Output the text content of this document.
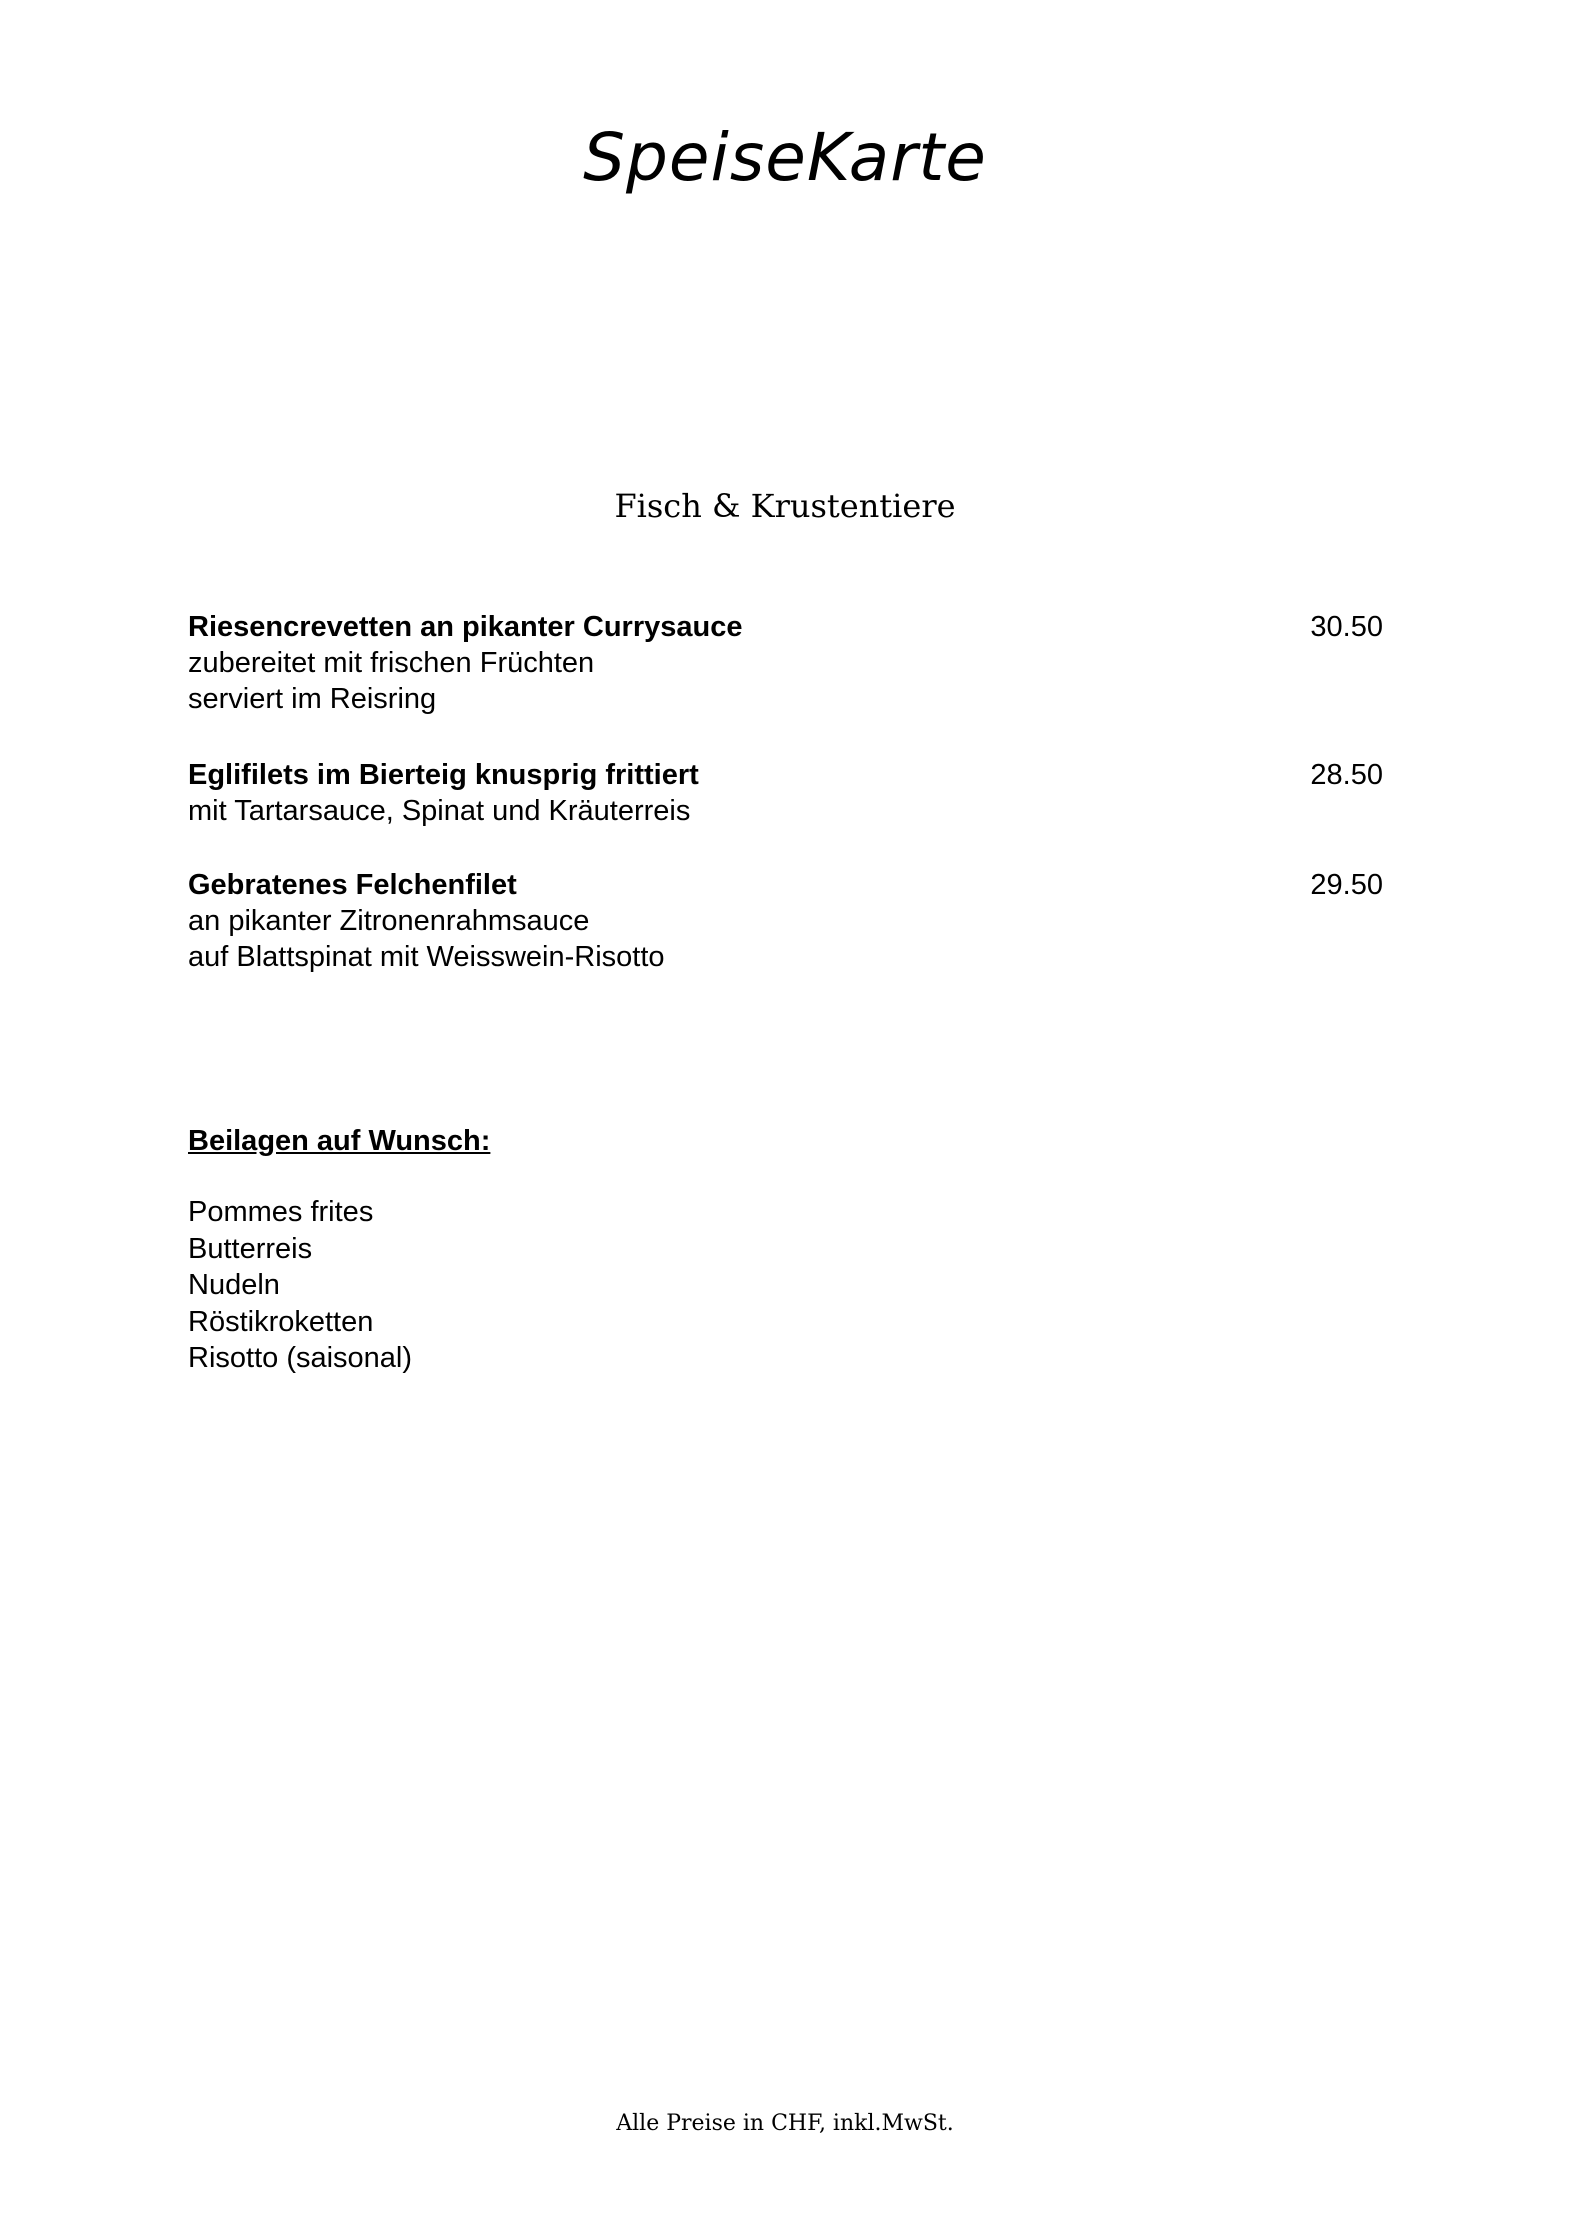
SpeiseKarte
Fisch & Krustentiere
Riesencrevetten an pikanter Currysauce
zubereitet mit frischen Früchten
serviert im Reisring
30.50
Eglifilets im Bierteig knusprig frittiert
mit Tartarsauce, Spinat und Kräuterreis
28.50
Gebratenes Felchenfilet
an pikanter Zitronenrahmsauce
auf Blattspinat mit Weisswein-Risotto
29.50
Beilagen auf Wunsch:
Pommes frites
Butterreis
Nudeln
Röstikroketten
Risotto (saisonal)
Alle Preise in CHF, inkl.MwSt.
